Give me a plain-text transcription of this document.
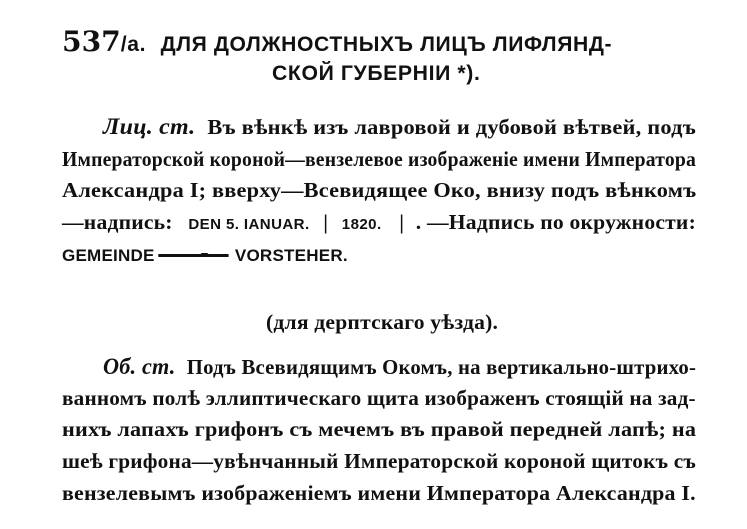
537/а. ДЛЯ ДОЛЖНОСТНЫХЪ ЛИЦЪ ЛИФЛЯНД-
СКОЙ ГУБЕРНІИ *).
Лиц. ст. Въ вѣнкѣ изъ лавровой и дубовой вѣтвей, подъ
Императорской короной—вензелевое изображеніе имени Императора
Александра I; вверху—Всевидящее Око, внизу подъ вѣнкомъ
—надпись: DEN 5. IANUAR. | 1820. | . —Надпись по окружности:
GEMEINDE	VORSTEHER.
(для дерптскаго уѣзда).
Об. ст. Подъ Всевидящимъ Окомъ, на вертикально-штрихо-
ванномъ полѣ эллиптическаго щита изображенъ стоящій на зад-
нихъ лапахъ грифонъ съ мечемъ въ правой передней лапѣ; на
шеѣ грифона—увѣнчанный Императорской короной щитокъ съ
вензелевымъ изображеніемъ имени Императора Александра I.
